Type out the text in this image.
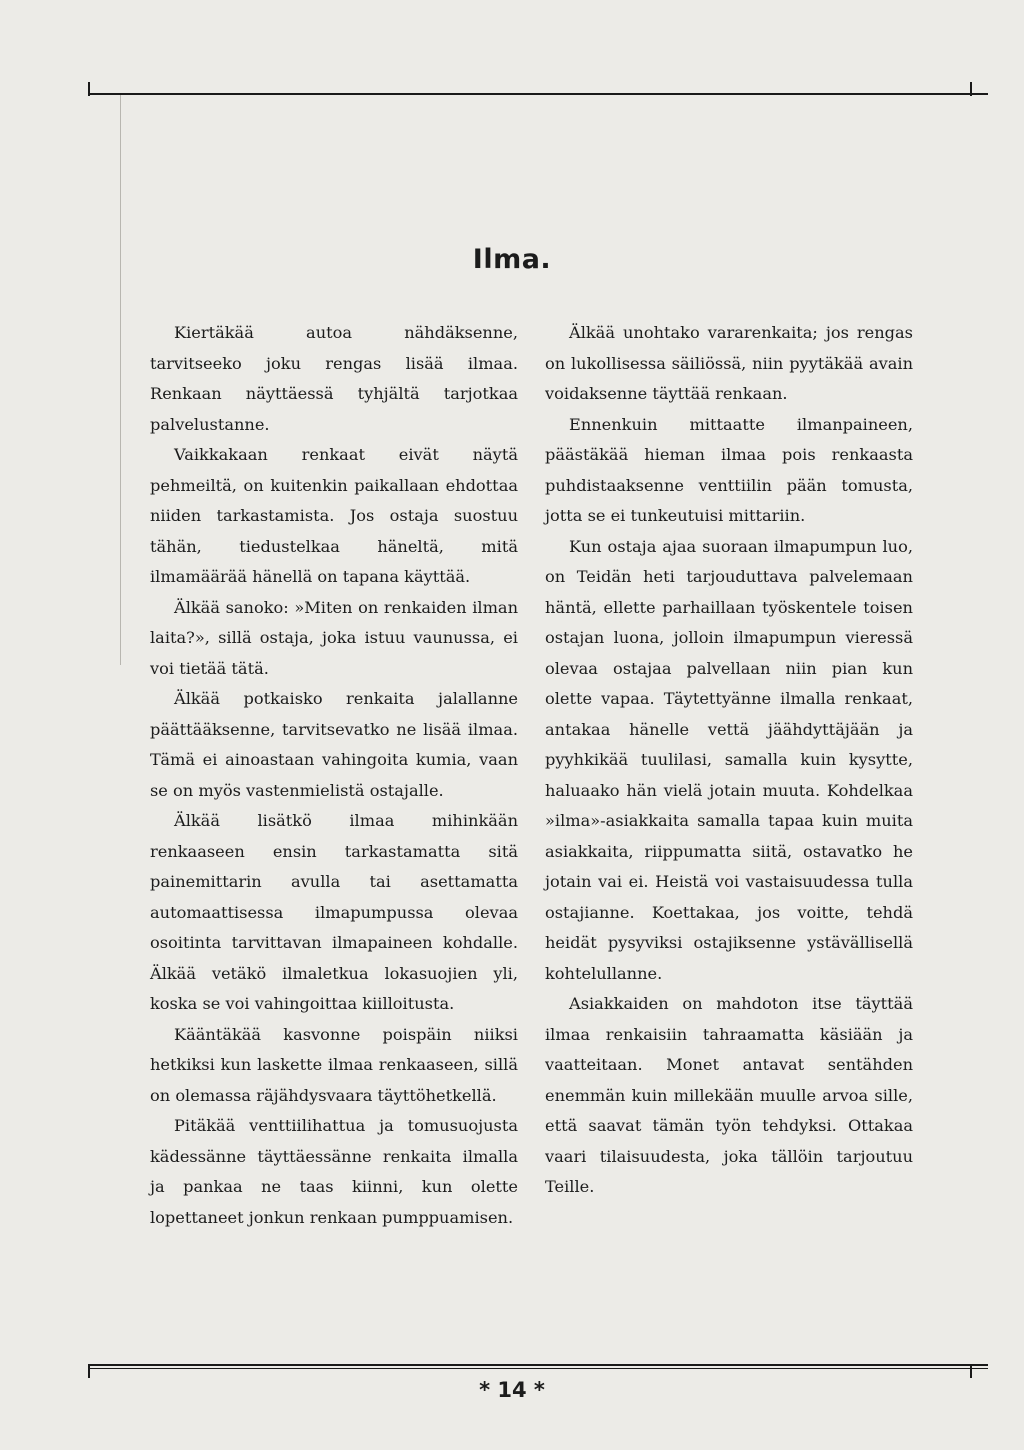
Ilma.

Kiertäkää autoa nähdäksenne, tarvitseeko joku rengas lisää ilmaa. Renkaan näyttäessä tyhjältä tarjotkaa palvelustanne.

Vaikkakaan renkaat eivät näytä pehmeiltä, on kuitenkin paikallaan ehdottaa niiden tarkastamista. Jos ostaja suostuu tähän, tiedustelkaa häneltä, mitä ilmamäärää hänellä on tapana käyttää.

Älkää sanoko: »Miten on renkaiden ilman laita?», sillä ostaja, joka istuu vaunussa, ei voi tietää tätä.

Älkää potkaisko renkaita jalallanne päättääksenne, tarvitsevatko ne lisää ilmaa. Tämä ei ainoastaan vahingoita kumia, vaan se on myös vastenmielistä ostajalle.

Älkää lisätkö ilmaa mihinkään renkaaseen ensin tarkastamatta sitä painemittarin avulla tai asettamatta automaattisessa ilmapumpussa olevaa osoitinta tarvittavan ilmapaineen kohdalle. Älkää vetäkö ilmaletkua lokasuojien yli, koska se voi vahingoittaa kiilloitusta.

Kääntäkää kasvonne poispäin niiksi hetkiksi kun laskette ilmaa renkaaseen, sillä on olemassa räjähdysvaara täyttöhetkellä.

Pitäkää venttiilihattua ja tomusuojusta kädessänne täyttäessänne renkaita ilmalla ja pankaa ne taas kiinni, kun olette lopettaneet jonkun renkaan pumppuamisen.

Älkää unohtako vararenkaita; jos rengas on lukollisessa säiliössä, niin pyytäkää avain voidaksenne täyttää renkaan.

Ennenkuin mittaatte ilmanpaineen, päästäkää hieman ilmaa pois renkaasta puhdistaaksenne venttiilin pään tomusta, jotta se ei tunkeutuisi mittariin.

Kun ostaja ajaa suoraan ilmapumpun luo, on Teidän heti tarjouduttava palvelemaan häntä, ellette parhaillaan työskentele toisen ostajan luona, jolloin ilmapumpun vieressä olevaa ostajaa palvellaan niin pian kun olette vapaa. Täytettyänne ilmalla renkaat, antakaa hänelle vettä jäähdyttäjään ja pyyhkikää tuulilasi, samalla kuin kysytte, haluaako hän vielä jotain muuta. Kohdelkaa »ilma»-asiakkaita samalla tapaa kuin muita asiakkaita, riippumatta siitä, ostavatko he jotain vai ei. Heistä voi vastaisuudessa tulla ostajianne. Koettakaa, jos voitte, tehdä heidät pysyviksi ostajiksenne ystävällisellä kohtelullanne.

Asiakkaiden on mahdoton itse täyttää ilmaa renkaisiin tahraamatta käsiään ja vaatteitaan. Monet antavat sentähden enemmän kuin millekään muulle arvoa sille, että saavat tämän työn tehdyksi. Ottakaa vaari tilaisuudesta, joka tällöin tarjoutuu Teille.

* 14 *
